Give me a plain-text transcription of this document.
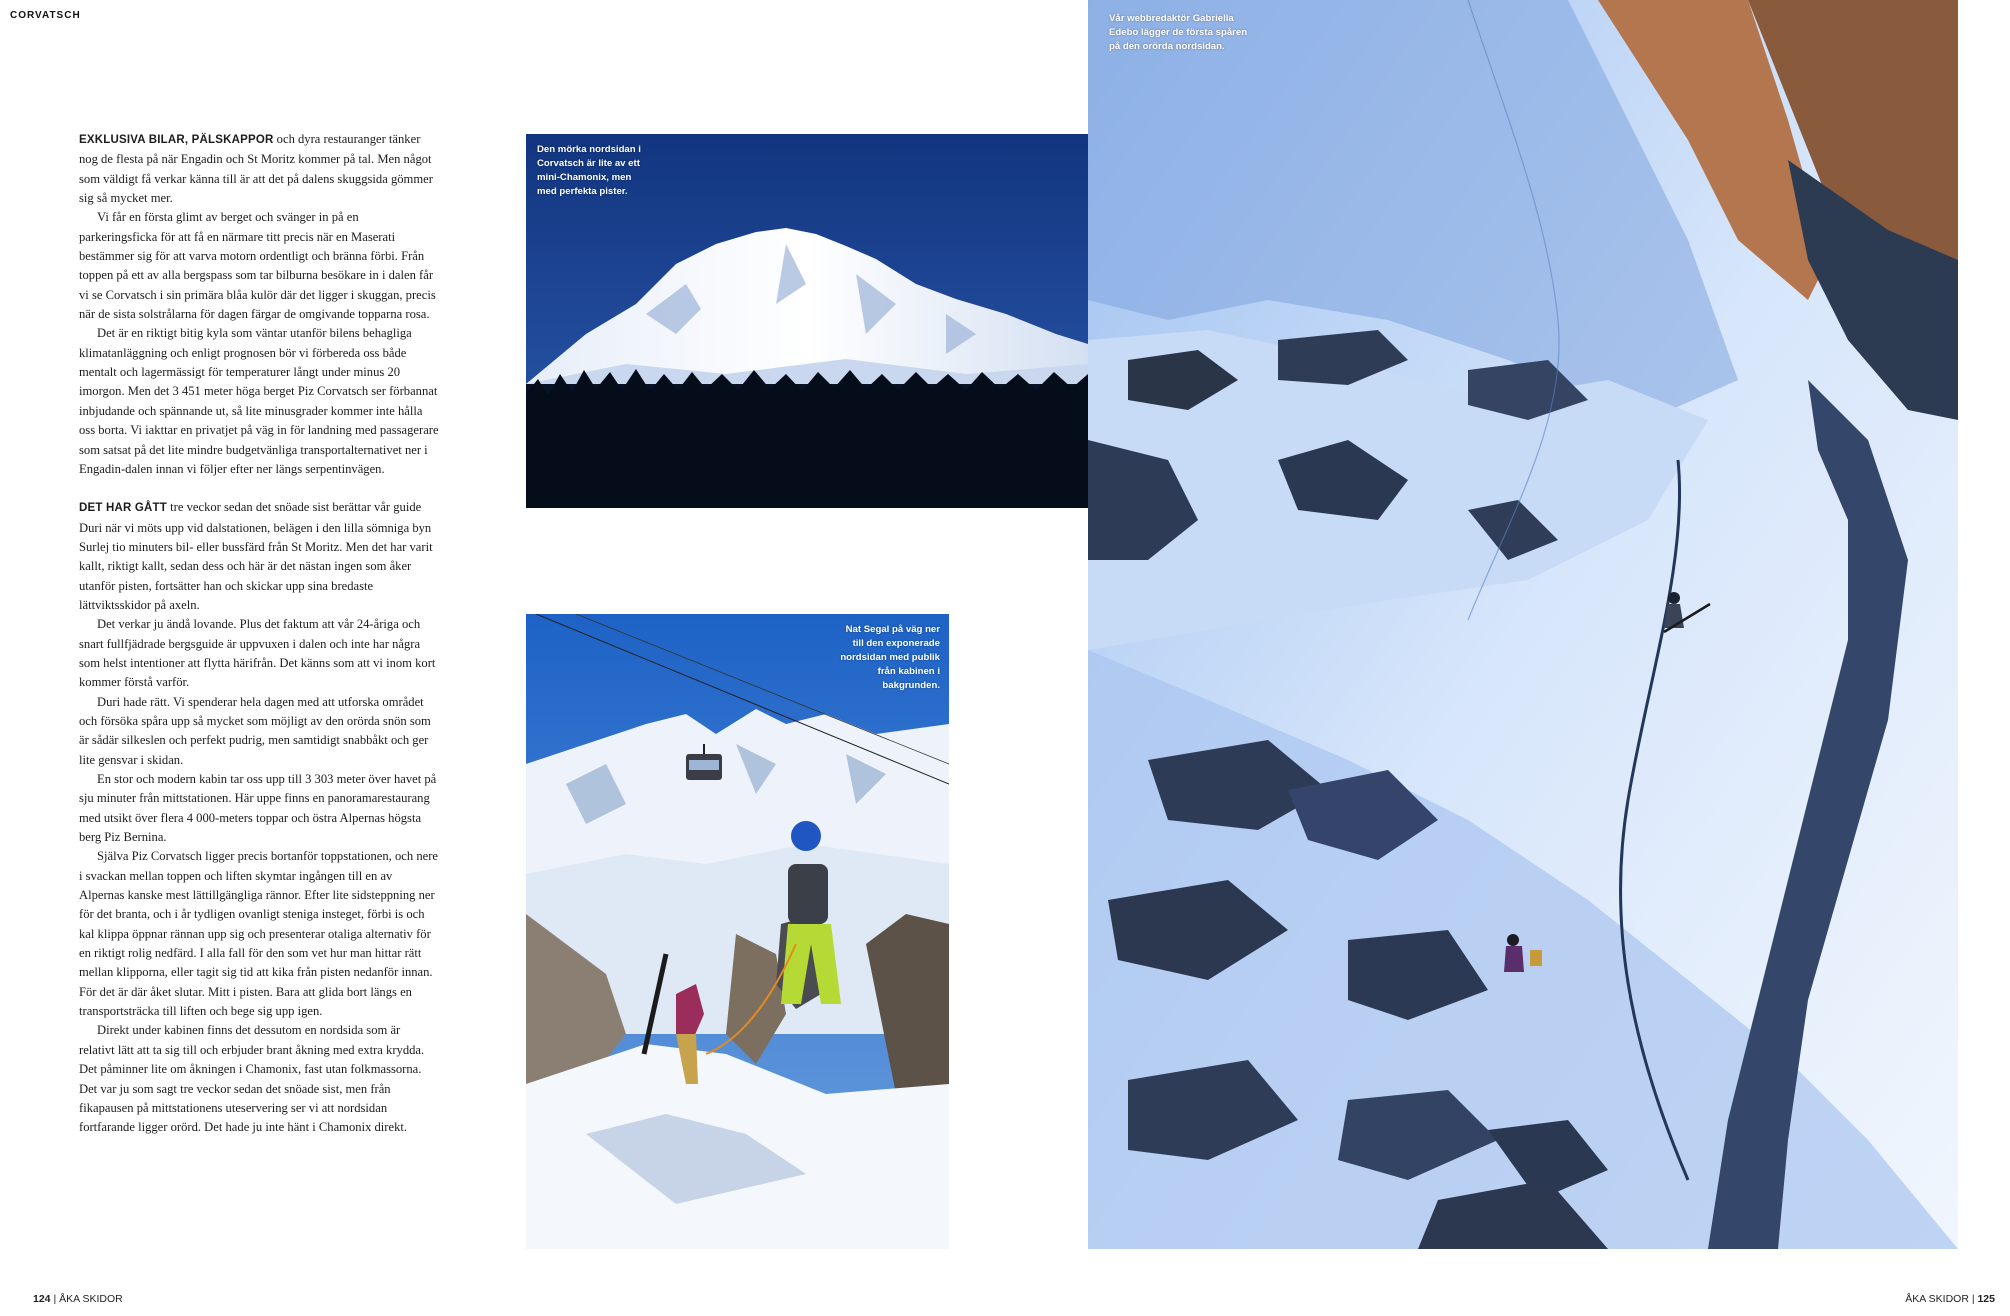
CORVATSCH

EXKLUSIVA BILAR, PÄLSKAPPOR och dyra restauranger tänker nog de flesta på när Engadin och St Moritz kommer på tal. Men något som väldigt få verkar känna till är att det på dalens skuggsida gömmer sig så mycket mer.

Vi får en första glimt av berget och svänger in på en parkeringsficka för att få en närmare titt precis när en Maserati bestämmer sig för att varva motorn ordentligt och bränna förbi. Från toppen på ett av alla bergspass som tar bilburna besökare in i dalen får vi se Corvatsch i sin primära blåa kulör där det ligger i skuggan, precis när de sista solstrålarna för dagen färgar de omgivande topparna rosa.

Det är en riktigt bitig kyla som väntar utanför bilens behagliga klimatanläggning och enligt prognosen bör vi förbereda oss både mentalt och lagermässigt för temperaturer långt under minus 20 imorgon. Men det 3 451 meter höga berget Piz Corvatsch ser förbannat inbjudande och spännande ut, så lite minusgrader kommer inte hålla oss borta. Vi iakttar en privatjet på väg in för landning med passagerare som satsat på det lite mindre budgetvänliga transportalternativet ner i Engadin-dalen innan vi följer efter ner längs serpentinvägen.

DET HAR GÅTT tre veckor sedan det snöade sist berättar vår guide Duri när vi möts upp vid dalstationen, belägen i den lilla sömniga byn Surlej tio minuters bil- eller bussfärd från St Moritz. Men det har varit kallt, riktigt kallt, sedan dess och här är det nästan ingen som åker utanför pisten, fortsätter han och skickar upp sina bredaste lättviktsskidor på axeln.

Det verkar ju ändå lovande. Plus det faktum att vår 24-åriga och snart fullfjädrade bergsguide är uppvuxen i dalen och inte har några som helst intentioner att flytta härifrån. Det känns som att vi inom kort kommer förstå varför.

Duri hade rätt. Vi spenderar hela dagen med att utforska området och försöka spåra upp så mycket som möjligt av den orörda snön som är sådär silkeslen och perfekt pudrig, men samtidigt snabbåkt och ger lite gensvar i skidan.

En stor och modern kabin tar oss upp till 3 303 meter över havet på sju minuter från mittstationen. Här uppe finns en panoramarestaurang med utsikt över flera 4 000-meters toppar och östra Alpernas högsta berg Piz Bernina.

Själva Piz Corvatsch ligger precis bortanför toppstationen, och nere i svackan mellan toppen och liften skymtar ingången till en av Alpernas kanske mest lättillgängliga rännor. Efter lite sidsteppning ner för det branta, och i år tydligen ovanligt steniga insteget, förbi is och kal klippa öppnar rännan upp sig och presenterar otaliga alternativ för en riktigt rolig nedfärd. I alla fall för den som vet hur man hittar rätt mellan klipporna, eller tagit sig tid att kika från pisten nedanför innan. För det är där åket slutar. Mitt i pisten. Bara att glida bort längs en transportsträcka till liften och bege sig upp igen.

Direkt under kabinen finns det dessutom en nordsida som är relativt lätt att ta sig till och erbjuder brant åkning med extra krydda. Det påminner lite om åkningen i Chamonix, fast utan folkmassorna. Det var ju som sagt tre veckor sedan det snöade sist, men från fikapausen på mittstationens uteservering ser vi att nordsidan fortfarande ligger orörd. Det hade ju inte hänt i Chamonix direkt.

Den mörka nordsidan i Corvatsch är lite av ett mini-Chamonix, men med perfekta pister.
Nat Segal på väg ner till den exponerade nordsidan med publik från kabinen i bakgrunden.
Vår webbredaktör Gabriella Edebo lägger de första spåren på den orörda nordsidan.
124 | ÅKA SKIDOR	ÅKA SKIDOR | 125
